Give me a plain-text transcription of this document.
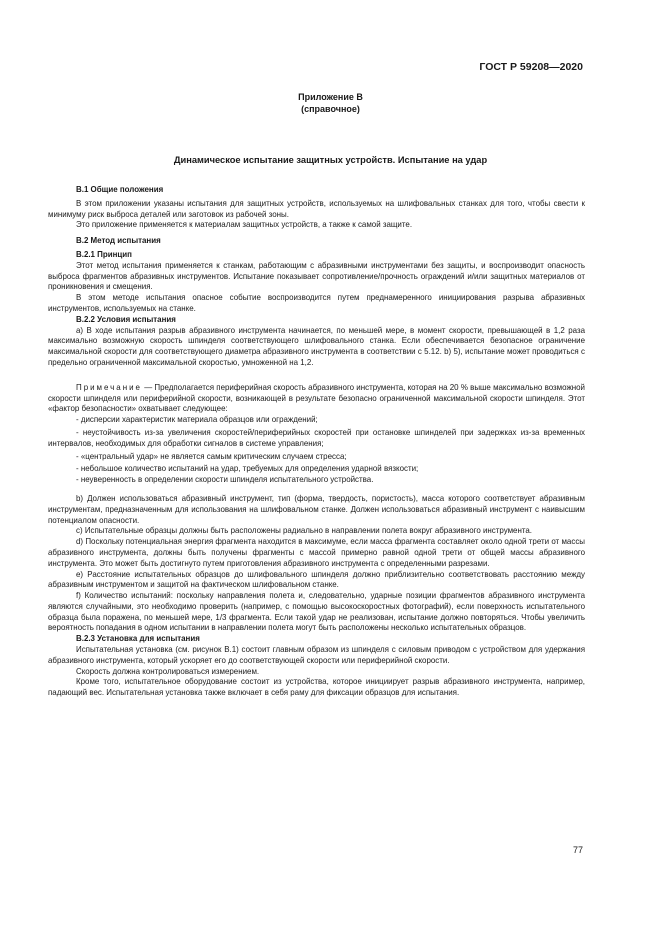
ГОСТ Р 59208—2020
Приложение В
(справочное)
Динамическое испытание защитных устройств. Испытание на удар
В.1 Общие положения

В этом приложении указаны испытания для защитных устройств, используемых на шлифовальных станках для того, чтобы свести к минимуму риск выброса деталей или заготовок из рабочей зоны.

Это приложение применяется к материалам защитных устройств, а также к самой защите.

В.2 Метод испытания
В.2.1 Принцип

Этот метод испытания применяется к станкам, работающим с абразивными инструментами без защиты, и воспроизводит опасность выброса фрагментов абразивных инструментов. Испытание показывает сопротивление/прочность ограждений и/или защитных материалов от проникновения и смещения.

В этом методе испытания опасное событие воспроизводится путем преднамеренного инициирования разрыва абразивных инструментов, используемых на станке.

В.2.2 Условия испытания

a) В ходе испытания разрыв абразивного инструмента начинается, по меньшей мере, в момент скорости, превышающей в 1,2 раза максимально возможную скорость шпинделя соответствующего шлифовального станка. Если обеспечивается безопасное ограничение максимальной скорости для соответствующего диаметра абразивного инструмента в соответствии с 5.12. b) 5), испытание может проводиться с предельно ограниченной максимальной скоростью, умноженной на 1,2.

Примечание — Предполагается периферийная скорость абразивного инструмента, которая на 20 % выше максимально возможной скорости шпинделя или периферийной скорости, возникающей в результате безопасно ограниченной максимальной скорости шпинделя. Этот «фактор безопасности» охватывает следующее:

- дисперсии характеристик материала образцов или ограждений;

- неустойчивость из-за увеличения скоростей/периферийных скоростей при остановке шпинделей при задержках из-за временных интервалов, необходимых для обработки сигналов в системе управления;

- «центральный удар» не является самым критическим случаем стресса;

- небольшое количество испытаний на удар, требуемых для определения ударной вязкости;

- неуверенность в определении скорости шпинделя испытательного устройства.

b) Должен использоваться абразивный инструмент, тип (форма, твердость, пористость), масса которого соответствует абразивным инструментам, предназначенным для использования на шлифовальном станке. Должен использоваться абразивный инструмент с наивысшим потенциалом опасности.

c) Испытательные образцы должны быть расположены радиально в направлении полета вокруг абразивного инструмента.

d) Поскольку потенциальная энергия фрагмента находится в максимуме, если масса фрагмента составляет около одной трети от массы абразивного инструмента, должны быть получены фрагменты с массой примерно равной одной трети от общей массы абразивного инструмента. Это может быть достигнуто путем приготовления абразивного инструмента с определенными разрезами.

e) Расстояние испытательных образцов до шлифовального шпинделя должно приблизительно соответствовать расстоянию между абразивным инструментом и защитой на фактическом шлифовальном станке.

f) Количество испытаний: поскольку направления полета и, следовательно, ударные позиции фрагментов абразивного инструмента являются случайными, это необходимо проверить (например, с помощью высокоскоростных фотографий), если поверхность испытательного образца была поражена, по меньшей мере, 1/3 фрагмента. Если такой удар не реализован, испытание должно повторяться. Чтобы увеличить вероятность попадания в одном испытании в направлении полета могут быть расположены несколько испытательных образцов.

В.2.3 Установка для испытания

Испытательная установка (см. рисунок В.1) состоит главным образом из шпинделя с силовым приводом с устройством для удержания абразивного инструмента, который ускоряет его до соответствующей скорости или периферийной скорости.

Скорость должна контролироваться измерением.

Кроме того, испытательное оборудование состоит из устройства, которое инициирует разрыв абразивного инструмента, например, падающий вес. Испытательная установка также включает в себя раму для фиксации образцов для испытания.

77
